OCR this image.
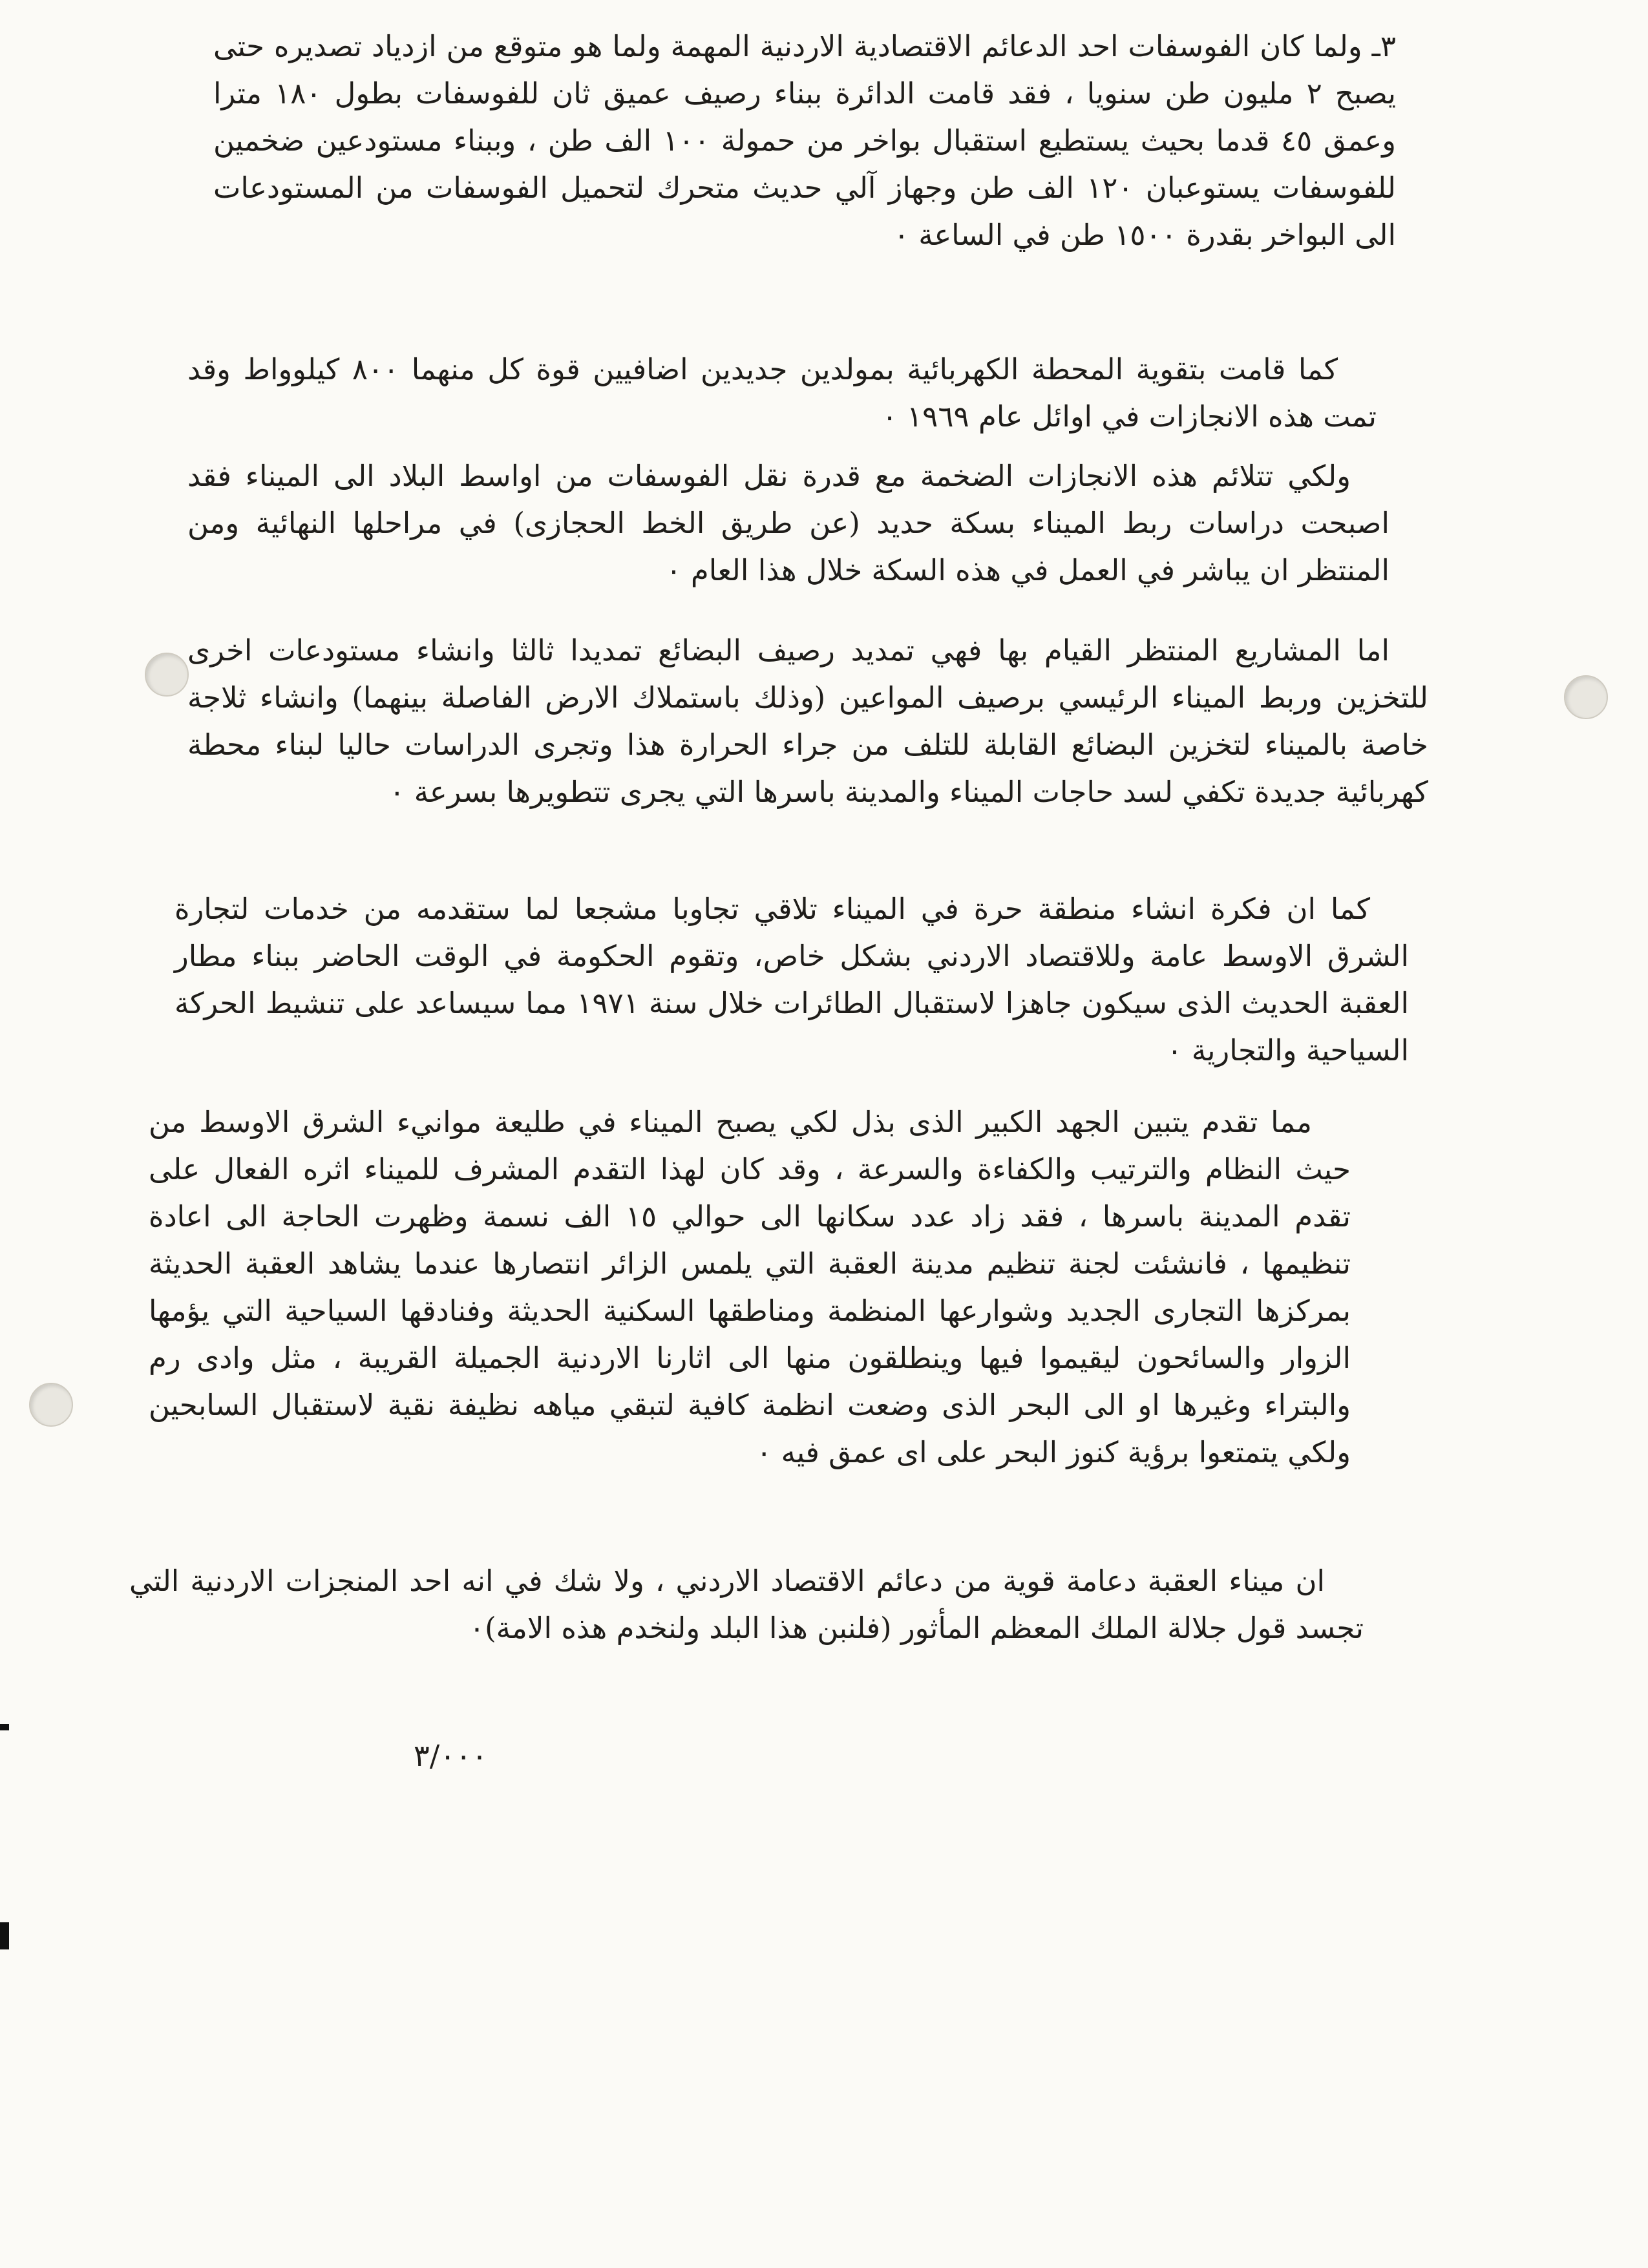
٣ـ ولما كان الفوسفات احد الدعائم الاقتصادية الاردنية المهمة ولما هو متوقع من ازدياد تصديره حتى يصبح ٢ مليون طن سنويا ، فقد قامت الدائرة ببناء رصيف عميق ثان للفوسفات بطول ١٨٠ مترا وعمق ٤٥ قدما بحيث يستطيع استقبال بواخر من حمولة ١٠٠ الف طن ، وببناء مستودعين ضخمين للفوسفات يستوعبان ١٢٠ الف طن وجهاز آلي حديث متحرك لتحميل الفوسفات من المستودعات الى البواخر بقدرة ١٥٠٠ طن في الساعة ٠

كما قامت بتقوية المحطة الكهربائية بمولدين جديدين اضافيين قوة كل منهما ٨٠٠ كيلوواط وقد تمت هذه الانجازات في اوائل عام ١٩٦٩ ٠

ولكي تتلائم هذه الانجازات الضخمة مع قدرة نقل الفوسفات من اواسط البلاد الى الميناء فقد اصبحت دراسات ربط الميناء بسكة حديد (عن طريق الخط الحجازى) في مراحلها النهائية ومن المنتظر ان يباشر في العمل في هذه السكة خلال هذا العام ٠

اما المشاريع المنتظر القيام بها فهي تمديد رصيف البضائع تمديدا ثالثا وانشاء مستودعات اخرى للتخزين وربط الميناء الرئيسي برصيف المواعين (وذلك باستملاك الارض الفاصلة بينهما) وانشاء ثلاجة خاصة بالميناء لتخزين البضائع القابلة للتلف من جراء الحرارة هذا وتجرى الدراسات حاليا لبناء محطة كهربائية جديدة تكفي لسد حاجات الميناء والمدينة باسرها التي يجرى تتطويرها بسرعة ٠

كما ان فكرة انشاء منطقة حرة في الميناء تلاقي تجاوبا مشجعا لما ستقدمه من خدمات لتجارة الشرق الاوسط عامة وللاقتصاد الاردني بشكل خاص، وتقوم الحكومة في الوقت الحاضر ببناء مطار العقبة الحديث الذى سيكون جاهزا لاستقبال الطائرات خلال سنة ١٩٧١ مما سيساعد على تنشيط الحركة السياحية والتجارية ٠

مما تقدم يتبين الجهد الكبير الذى بذل لكي يصبح الميناء في طليعة موانيء الشرق الاوسط من حيث النظام والترتيب والكفاءة والسرعة ، وقد كان لهذا التقدم المشرف للميناء اثره الفعال على تقدم المدينة باسرها ، فقد زاد عدد سكانها الى حوالي ١٥ الف نسمة وظهرت الحاجة الى اعادة تنظيمها ، فانشئت لجنة تنظيم مدينة العقبة التي يلمس الزائر انتصارها عندما يشاهد العقبة الحديثة بمركزها التجارى الجديد وشوارعها المنظمة ومناطقها السكنية الحديثة وفنادقها السياحية التي يؤمها الزوار والسائحون ليقيموا فيها وينطلقون منها الى اثارنا الاردنية الجميلة القريبة ، مثل وادى رم والبتراء وغيرها او الى البحر الذى وضعت انظمة كافية لتبقي مياهه نظيفة نقية لاستقبال السابحين ولكي يتمتعوا برؤية كنوز البحر على اى عمق فيه ٠

ان ميناء العقبة دعامة قوية من دعائم الاقتصاد الاردني ، ولا شك في انه احد المنجزات الاردنية التي تجسد قول جلالة الملك المعظم المأثور (فلنبن هذا البلد ولنخدم هذه الامة)٠

٣/٠٠٠
